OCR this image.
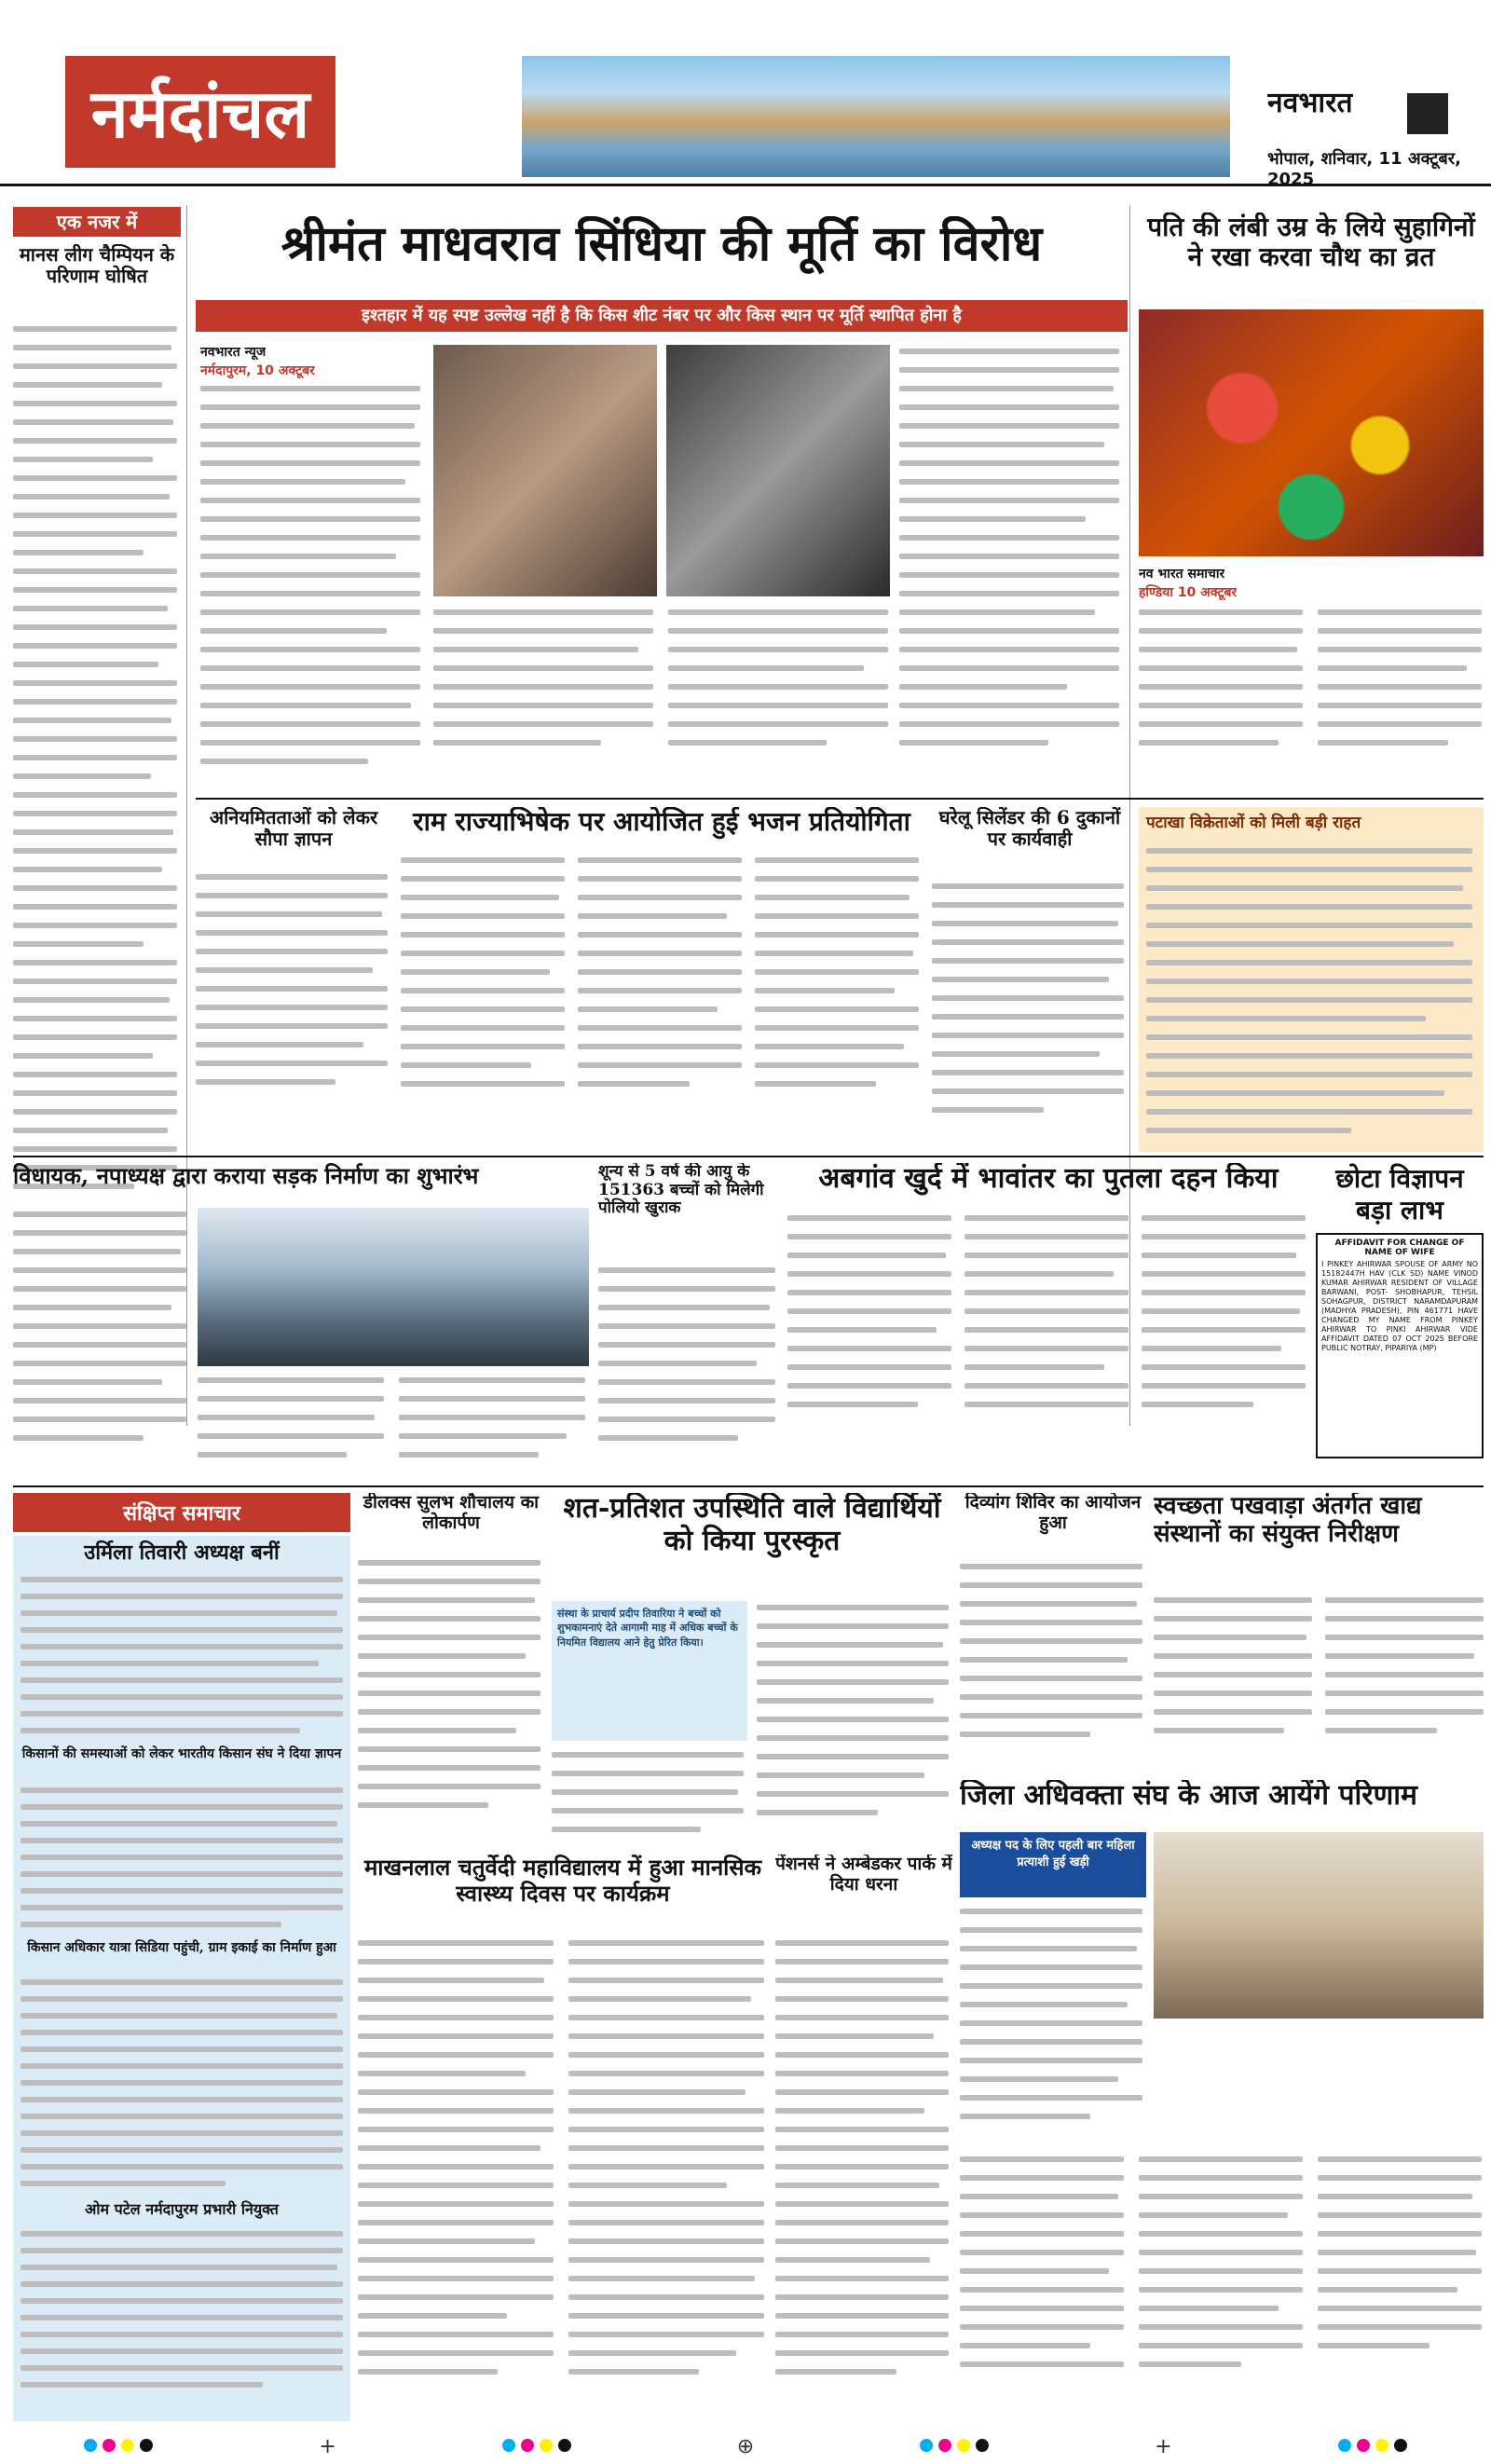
नर्मदांचल	नवभारत
भोपाल, शनिवार, 11 अक्टूबर, 2025
एक नजर में
मानस लीग चैम्पियन के परिणाम घोषित
श्रीमंत माधवराव सिंधिया की मूर्ति का विरोध
इश्तहार में यह स्पष्ट उल्लेख नहीं है कि किस शीट नंबर पर और किस स्थान पर मूर्ति स्थापित होना है
नवभारत न्यूज
नर्मदापुरम, 10 अक्टूबर
पति की लंबी उम्र के लिये सुहागिनों ने रखा करवा चौथ का व्रत
नव भारत समाचार
हण्डिया 10 अक्टूबर
अनियमितताओं को लेकर सौपा ज्ञापन
राम राज्याभिषेक पर आयोजित हुई भजन प्रतियोगिता	घरेलू सिलेंडर की 6 दुकानों पर कार्यवाही
पटाखा विक्रेताओं को मिली बड़ी राहत
विधायक, नपाध्यक्ष द्वारा कराया सड़क निर्माण का शुभारंभ	शून्य से 5 वर्ष की आयु के 151363 बच्चों को मिलेगी पोलियो खुराक
अबगांव खुर्द में भावांतर का पुतला दहन किया	छोटा विज्ञापन बड़ा लाभ
AFFIDAVIT FOR CHANGE OF NAME OF WIFE
I PINKEY AHIRWAR SPOUSE OF ARMY NO 15182447H HAV (CLK SD) NAME VINOD KUMAR AHIRWAR RESIDENT OF VILLAGE BARWANI, POST- SHOBHAPUR, TEHSIL SOHAGPUR, DISTRICT NARAMDAPURAM (MADHYA PRADESH), PIN 461771 HAVE CHANGED MY NAME FROM PINKEY AHIRWAR TO PINKI AHIRWAR VIDE AFFIDAVIT DATED 07 OCT 2025 BEFORE PUBLIC NOTRAY, PIPARIYA (MP)
संक्षिप्त समाचार
उर्मिला तिवारी अध्यक्ष बनीं
किसानों की समस्याओं को लेकर भारतीय किसान संघ ने दिया ज्ञापन
किसान अधिकार यात्रा सिडिया पहुंची, ग्राम इकाई का निर्माण हुआ
ओम पटेल नर्मदापुरम प्रभारी नियुक्त
डीलक्स सुलभ शौचालय का लोकार्पण	शत-प्रतिशत उपस्थिति वाले विद्यार्थियों को किया पुरस्कृत
संस्था के प्राचार्य प्रदीप तिवारिया ने बच्चों को शुभकामनाएं देते आगामी माह में अधिक बच्चों के नियमित विद्यालय आने हेतु प्रेरित किया।
दिव्यांग शिविर का आयोजन हुआ
स्वच्छता पखवाड़ा अंतर्गत खाद्य संस्थानों का संयुक्त निरीक्षण
माखनलाल चतुर्वेदी महाविद्यालय में हुआ मानसिक स्वास्थ्य दिवस पर कार्यक्रम
पेंशनर्स ने अम्बेडकर पार्क में दिया धरना
जिला अधिवक्ता संघ के आज आयेंगे परिणाम
अध्यक्ष पद के लिए पहली बार महिला प्रत्याशी हुई खड़ी
+	⊕	+
